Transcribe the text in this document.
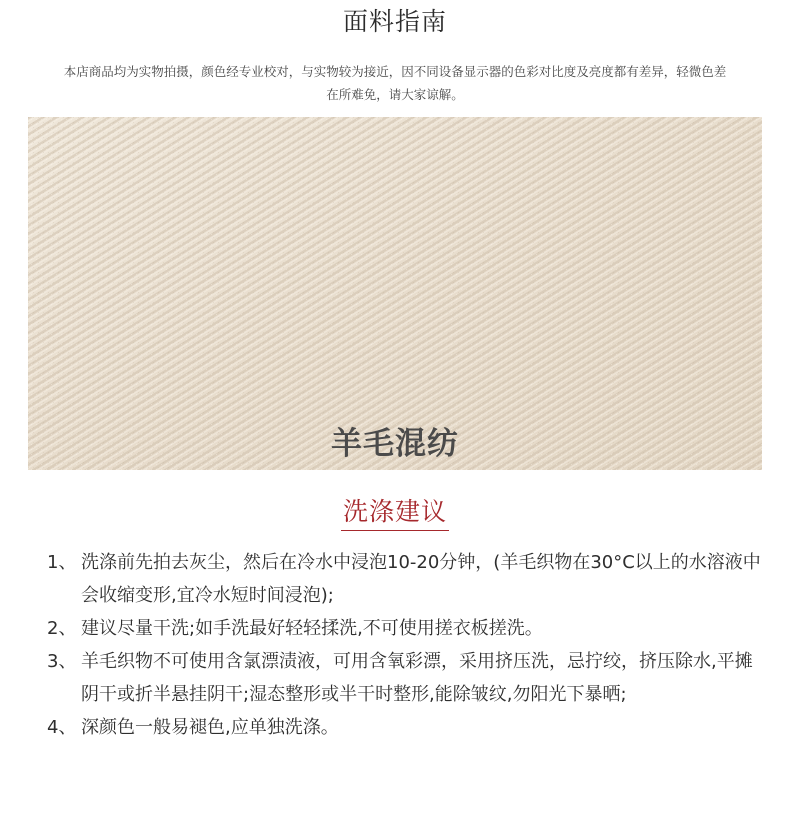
面料指南
本店商品均为实物拍摄，颜色经专业校对，与实物较为接近，因不同设备显示器的色彩对比度及亮度都有差异，轻微色差在所难免，请大家谅解。
羊毛混纺
洗涤建议
1、 洗涤前先拍去灰尘，然后在冷水中浸泡10-20分钟，(羊毛织物在30°C以上的水溶液中会收缩变形,宜冷水短时间浸泡);
2、 建议尽量干洗;如手洗最好轻轻揉洗,不可使用搓衣板搓洗。
3、 羊毛织物不可使用含氯漂渍液，可用含氧彩漂，采用挤压洗，忌拧绞，挤压除水,平摊阴干或折半悬挂阴干;湿态整形或半干时整形,能除皱纹,勿阳光下暴晒;
4、 深颜色一般易褪色,应单独洗涤。
